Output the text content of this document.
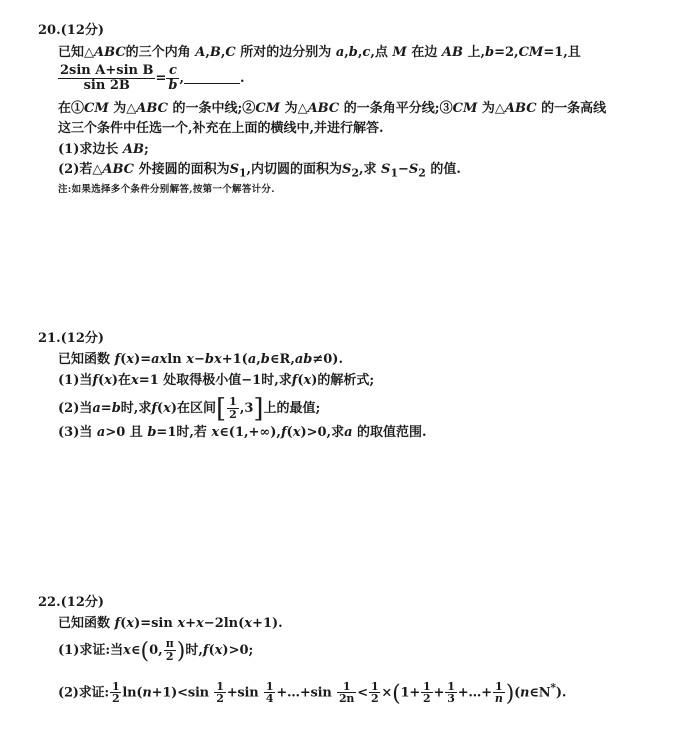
20.(12分)
已知△ABC的三个内角 A,B,C 所对的边分别为 a,b,c,点 M 在边 AB 上,b=2,CM=1,且
$\frac{\text{2sin A+sin B}}{\sin 2B} = \frac{c}{b}$ ,	.
在①CM 为△ABC 的一条中线;②CM 为△ABC 的一条角平分线;③CM 为△ABC 的一条高线
这三个条件中任选一个,补充在上面的横线中,并进行解答.
(1)求边长 AB;
(2)若△ABC 外接圆的面积为$S_1$,内切圆的面积为$S_2$,求 $S_1-S_2$ 的值.
注:如果选择多个条件分别解答,按第一个解答计分.
21.(12分)
已知函数 f(x)=axln x−bx+1(a,b∈R,ab≠0).
(1)当f(x)在x=1 处取得极小值−1时,求f(x)的解析式;
(2)当a=b时,求f(x)在区间[ $\frac{1}{2} ,3$]上的最值;
(3)当 a>0 且 b=1时,若 x∈(1,+∞),f(x)>0,求a 的取值范围.
22.(12分)
已知函数 f(x)=sin x+x−2ln(x+1).
(1)求证:当x∈(0, $\frac{\pi}{2}$ )时,f(x)>0;
(2)求证: $\frac{1}{2} \ln(n+1)<\sin \frac{1}{2} +\sin \frac{1}{4}$ +…+sin $\frac{1}{2n} < \frac{1}{2} \times(1+ \frac{1}{2} + \frac{1}{3}$ +…+ $\frac{1}{n}$ )(n∈N*).
